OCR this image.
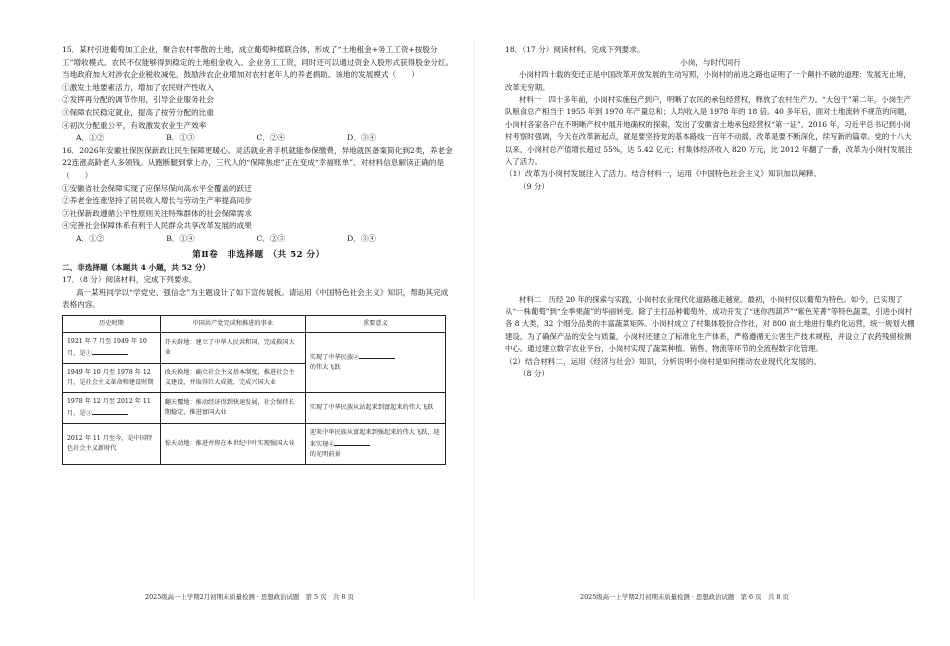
15．某村引进葡萄加工企业，聚合农村零散的土地，成立葡萄种植联合体，形成了“土地租金+务工工资+按股分工”增收模式。农民不仅能够得到稳定的土地租金收入、企业务工工资，同时还可以通过资金入股形式获得股金分红。当地政府加大对涉农企业税收减免，鼓励涉农企业增加对农村老年人的养老捐助。该地的发展模式（　　）

①激发土地要素活力，增加了农民财产性收入

②发挥再分配的调节作用，引导企业服务社会

③保障农民稳定就业，提高了按劳分配的比重

④初次分配重公平，有效激发农业生产效率

A．①②	B．①③	C．②④	D．③④

16．2026年安徽社保医保新政让民生保障更暖心。灵活就业者手机就能参保缴费，异地就医备案简化到2类，养老金22连涨高龄老人多领钱。从跑断腿到掌上办，三代人的“保障焦虑”正在变成“幸福账单”。对材料信息解读正确的是（　　）

①安徽省社会保障实现了应保尽保向高水平全覆盖的跃迁

②养老金连涨坚持了居民收入增长与劳动生产率提高同步

③社保新政遵循公平性原则关注特殊群体的社会保障需求

④完善社会保障体系有利于人民群众共享改革发展的成果

A．①②	B．①④	C．②③	D．③④
第Ⅱ卷　非选择题　（共 52 分）

二、非选择题（本题共 4 小题，共 52 分）

17．（8 分）阅读材料，完成下列要求。

高一某班同学以“学党史、强信念”为主题设计了如下宣传展板。请运用《中国特色社会主义》知识，帮助其完成表格内容。

历史时期	中国共产党完成和推进的事业	重要意义
1921 年 7 月至 1949 年 10 月，是①	开天辟地：建立了中华人民共和国，完成救国大业	实现了中华民族②
的伟大飞跃
1949 年 10 月至 1978 年 12 月，是社会主义革命和建设时期	改天换地：确立社会主义基本制度，推进社会主义建设，并取得巨大成就，完成兴国大业	
1978 年 12 月至 2012 年 11 月，是③	翻天覆地：推动经济得到快速发展，社会保持长期稳定，推进富国大业	实现了中华民族从站起来到富起来的伟大飞跃
2012 年 11 月至今，是中国特色社会主义新时代	惊天动地：推进并将在本世纪中叶实现强国大业	迎来中华民族从富起来到强起来的伟大飞跃，迎来实现④
的光明前景
2025级高一上学期2月初期末质量检测 · 思想政治试题　第 5 页　共 8 页

18．（17 分）阅读材料，完成下列要求。

小岗，与时代同行

小岗村四十载的变迁正是中国改革开放发展的生动写照，小岗村的前进之路也证明了一个颠扑不破的道理：发展无止境，改革无穷期。

材料一　四十多年前，小岗村实施包产到户，明晰了农民的承包经营权，释放了农村生产力。“大包干”第二年，小岗生产队粮食总产相当于 1955 年到 1970 年产量总和；人均收入是 1978 年的 18 倍。40 多年后，面对土地流转不规范的问题，小岗村各家各户在不明晰产权中展开地确权的探索，发出了安徽省土地承包经营权“第一证”。2016 年，习近平总书记到小岗村考察时强调，今天在改革新起点，就是要坚持党的基本路线一百年不动摇，改革是要不断深化，续写新的篇章。党的十八大以来，小岗村总产值增长超过 55%，达 5.42 亿元；村集体经济收入 820 万元，比 2012 年翻了一番，改革为小岗村发展注入了活力。

（1）改革为小岗村发展注入了活力。结合材料一，运用《中国特色社会主义》知识加以阐释。

（9 分）

材料二　历经 20 年的探索与实践，小岗村农业现代化道路越走越宽。最初，小岗村仅以葡萄为特色。如今，已实现了从“一株葡萄”到“全季果蔬”的华丽转变。除了主打品种葡萄外，成功开发了“迷你西葫芦”“紫色芜菁”等特色蔬菜，引进小岗村各 8 大类，32 个细分品类的丰富蔬菜矩阵。小岗村成立了村集体股份合作社，对 800 亩土地进行集约化运营，统一规划大棚建设。为了确保产品的安全与质量，小岗村还建立了标准化生产体系，严格遵循无公害生产技术规程，并设立了农药残留检测中心。通过建立数字农业平台，小岗村实现了蔬菜种植、销售、物流等环节的全流程数字化管理。

（2）结合材料二，运用《经济与社会》知识，分析说明小岗村是如何推动农业现代化发展的。

（8 分）

2025级高一上学期2月初期末质量检测 · 思想政治试题　第 6 页　共 8 页
